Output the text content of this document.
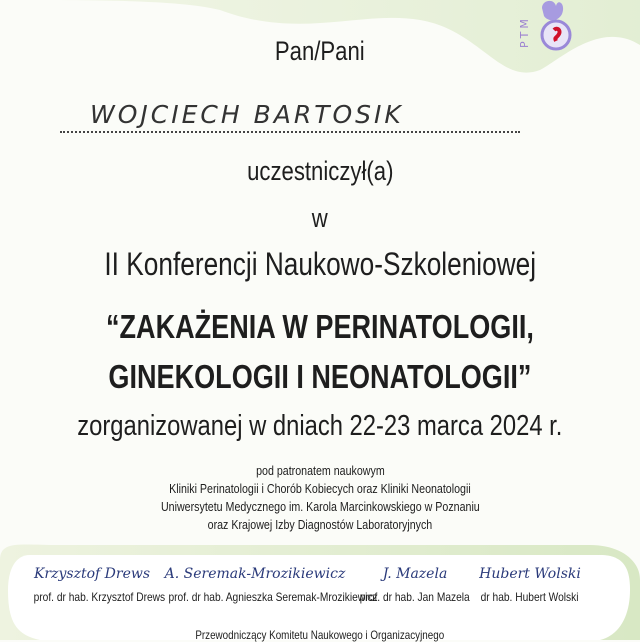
PTM
Pan/Pani
WOJCIECH BARTOSIK
uczestniczył(a)
w
II Konferencji Naukowo-Szkoleniowej
“ZAKAŻENIA W PERINATOLOGII,
GINEKOLOGII I NEONATOLOGII”
zorganizowanej w dniach 22-23 marca 2024 r.
pod patronatem naukowym
Kliniki Perinatologii i Chorób Kobiecych oraz Kliniki Neonatologii
Uniwersytetu Medycznego im. Karola Marcinkowskiego w Poznaniu
oraz Krajowej Izby Diagnostów Laboratoryjnych
Krzysztof Drews
prof. dr hab. Krzysztof Drews
A. Seremak-Mrozikiewicz
prof. dr hab. Agnieszka Seremak-Mrozikiewicz
J. Mazela
prof. dr hab. Jan Mazela
Hubert Wolski
dr hab. Hubert Wolski
Przewodniczący Komitetu Naukowego i Organizacyjnego
